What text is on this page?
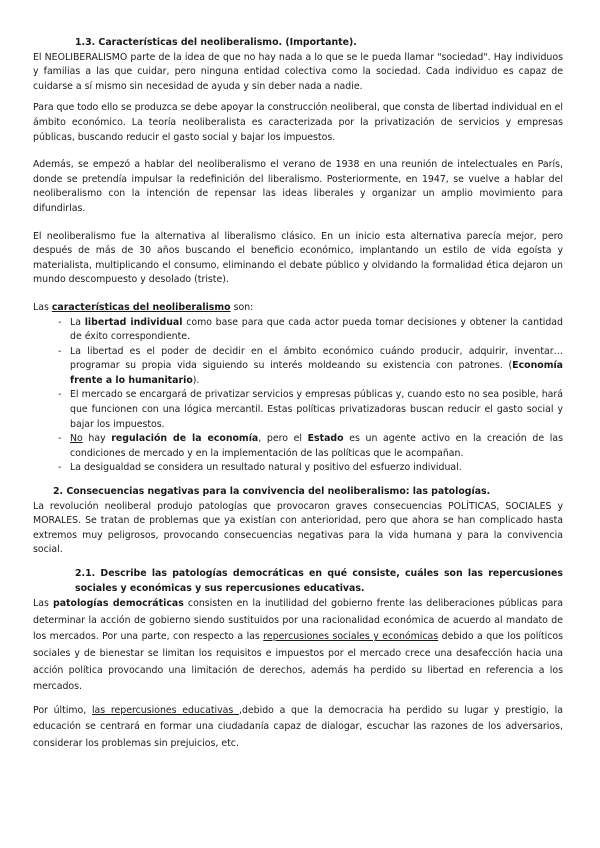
1.3. Características del neoliberalismo. (Importante).

El NEOLIBERALISMO parte de la idea de que no hay nada a lo que se le pueda llamar "sociedad". Hay individuos y familias a las que cuidar, pero ninguna entidad colectiva como la sociedad. Cada individuo es capaz de cuidarse a sí mismo sin necesidad de ayuda y sin deber nada a nadie.

Para que todo ello se produzca se debe apoyar la construcción neoliberal, que consta de libertad individual en el ámbito económico. La teoría neoliberalista es caracterizada por la privatización de servicios y empresas públicas, buscando reducir el gasto social y bajar los impuestos.

Además, se empezó a hablar del neoliberalismo el verano de 1938 en una reunión de intelectuales en París, donde se pretendía impulsar la redefinición del liberalismo. Posteriormente, en 1947, se vuelve a hablar del neoliberalismo con la intención de repensar las ideas liberales y organizar un amplio movimiento para difundirlas.

El neoliberalismo fue la alternativa al liberalismo clásico. En un inicio esta alternativa parecía mejor, pero después de más de 30 años buscando el beneficio económico, implantando un estilo de vida egoísta y materialista, multiplicando el consumo, eliminando el debate público y olvidando la formalidad ética dejaron un mundo descompuesto y desolado (triste).

Las características del neoliberalismo son:

- La libertad individual como base para que cada actor pueda tomar decisiones y obtener la cantidad de éxito correspondiente.
- La libertad es el poder de decidir en el ámbito económico cuándo producir, adquirir, inventar… programar su propia vida siguiendo su interés moldeando su existencia con patrones. (Economía frente a lo humanitario).
- El mercado se encargará de privatizar servicios y empresas públicas y, cuando esto no sea posible, hará que funcionen con una lógica mercantil. Estas políticas privatizadoras buscan reducir el gasto social y bajar los impuestos.
- No hay regulación de la economía, pero el Estado es un agente activo en la creación de las condiciones de mercado y en la implementación de las políticas que le acompañan.
- La desigualdad se considera un resultado natural y positivo del esfuerzo individual.

2. Consecuencias negativas para la convivencia del neoliberalismo: las patologías.

La revolución neoliberal produjo patologías que provocaron graves consecuencias POLÍTICAS, SOCIALES y MORALES. Se tratan de problemas que ya existían con anterioridad, pero que ahora se han complicado hasta extremos muy peligrosos, provocando consecuencias negativas para la vida humana y para la convivencia social.

2.1. Describe las patologías democráticas en qué consiste, cuáles son las repercusiones sociales y económicas y sus repercusiones educativas.

Las patologías democráticas consisten en la inutilidad del gobierno frente las deliberaciones públicas para determinar la acción de gobierno siendo sustituidos por una racionalidad económica de acuerdo al mandato de los mercados. Por una parte, con respecto a las repercusiones sociales y económicas debido a que los políticos sociales y de bienestar se limitan los requisitos e impuestos por el mercado crece una desafección hacia una acción política provocando una limitación de derechos, además ha perdido su libertad en referencia a los mercados.

Por último, las repercusiones educativas ,debido a que la democracia ha perdido su lugar y prestigio, la educación se centrará en formar una ciudadanía capaz de dialogar, escuchar las razones de los adversarios, considerar los problemas sin prejuicios, etc.
